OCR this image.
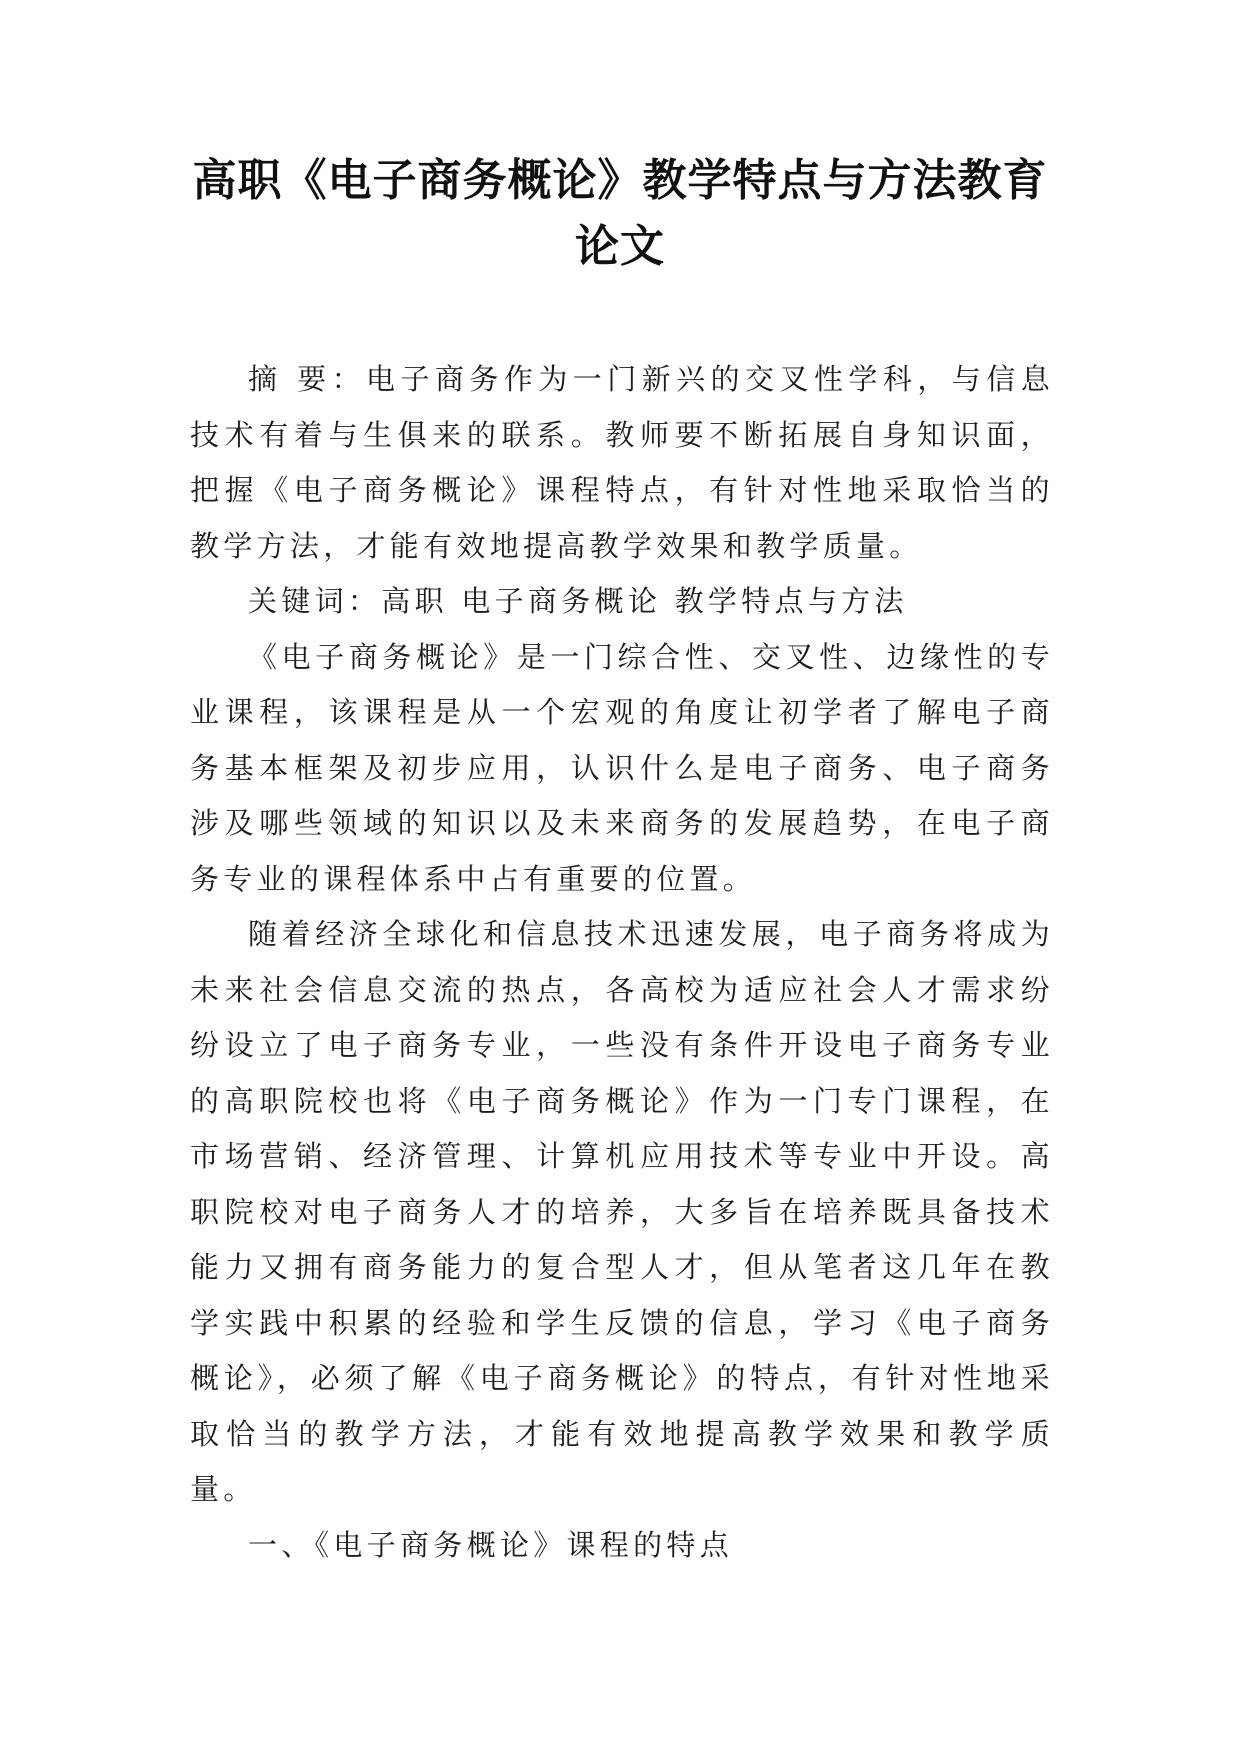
高职《电子商务概论》教学特点与方法教育论文

摘 要：电子商务作为一门新兴的交叉性学科，与信息技术有着与生俱来的联系。教师要不断拓展自身知识面，把握《电子商务概论》课程特点，有针对性地采取恰当的教学方法，才能有效地提高教学效果和教学质量。

关键词：高职 电子商务概论 教学特点与方法

《电子商务概论》是一门综合性、交叉性、边缘性的专业课程，该课程是从一个宏观的角度让初学者了解电子商务基本框架及初步应用，认识什么是电子商务、电子商务涉及哪些领域的知识以及未来商务的发展趋势，在电子商务专业的课程体系中占有重要的位置。

随着经济全球化和信息技术迅速发展，电子商务将成为未来社会信息交流的热点，各高校为适应社会人才需求纷纷设立了电子商务专业，一些没有条件开设电子商务专业的高职院校也将《电子商务概论》作为一门专门课程，在市场营销、经济管理、计算机应用技术等专业中开设。高职院校对电子商务人才的培养，大多旨在培养既具备技术能力又拥有商务能力的复合型人才，但从笔者这几年在教学实践中积累的经验和学生反馈的信息，学习《电子商务概论》，必须了解《电子商务概论》的特点，有针对性地采取恰当的教学方法，才能有效地提高教学效果和教学质量。

一、《电子商务概论》课程的特点
